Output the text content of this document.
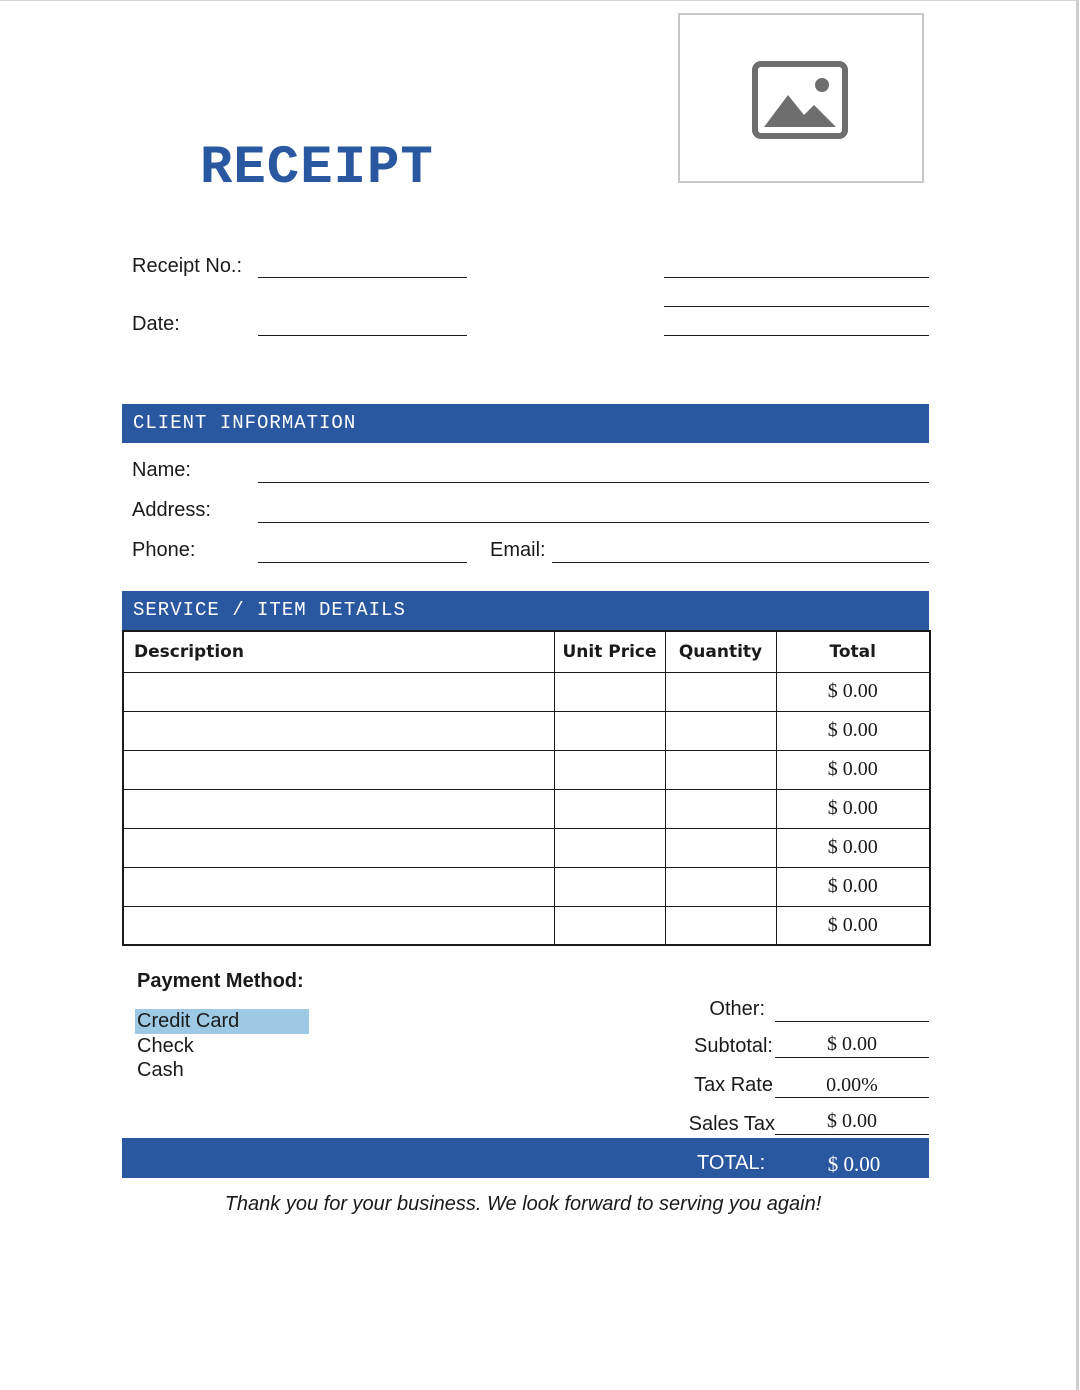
RECEIPT
Receipt No.:
Date:
CLIENT INFORMATION
Name:
Address:
Phone:	Email:
SERVICE / ITEM DETAILS
Description	Unit Price	Quantity	Total
			$ 0.00
			$ 0.00
			$ 0.00
			$ 0.00
			$ 0.00
			$ 0.00
			$ 0.00
Payment Method:
Credit Card
Check
Cash
Other:
Subtotal:	$ 0.00
Tax Rate	0.00%
Sales Tax	$ 0.00
TOTAL:	$ 0.00
Thank you for your business. We look forward to serving you again!
